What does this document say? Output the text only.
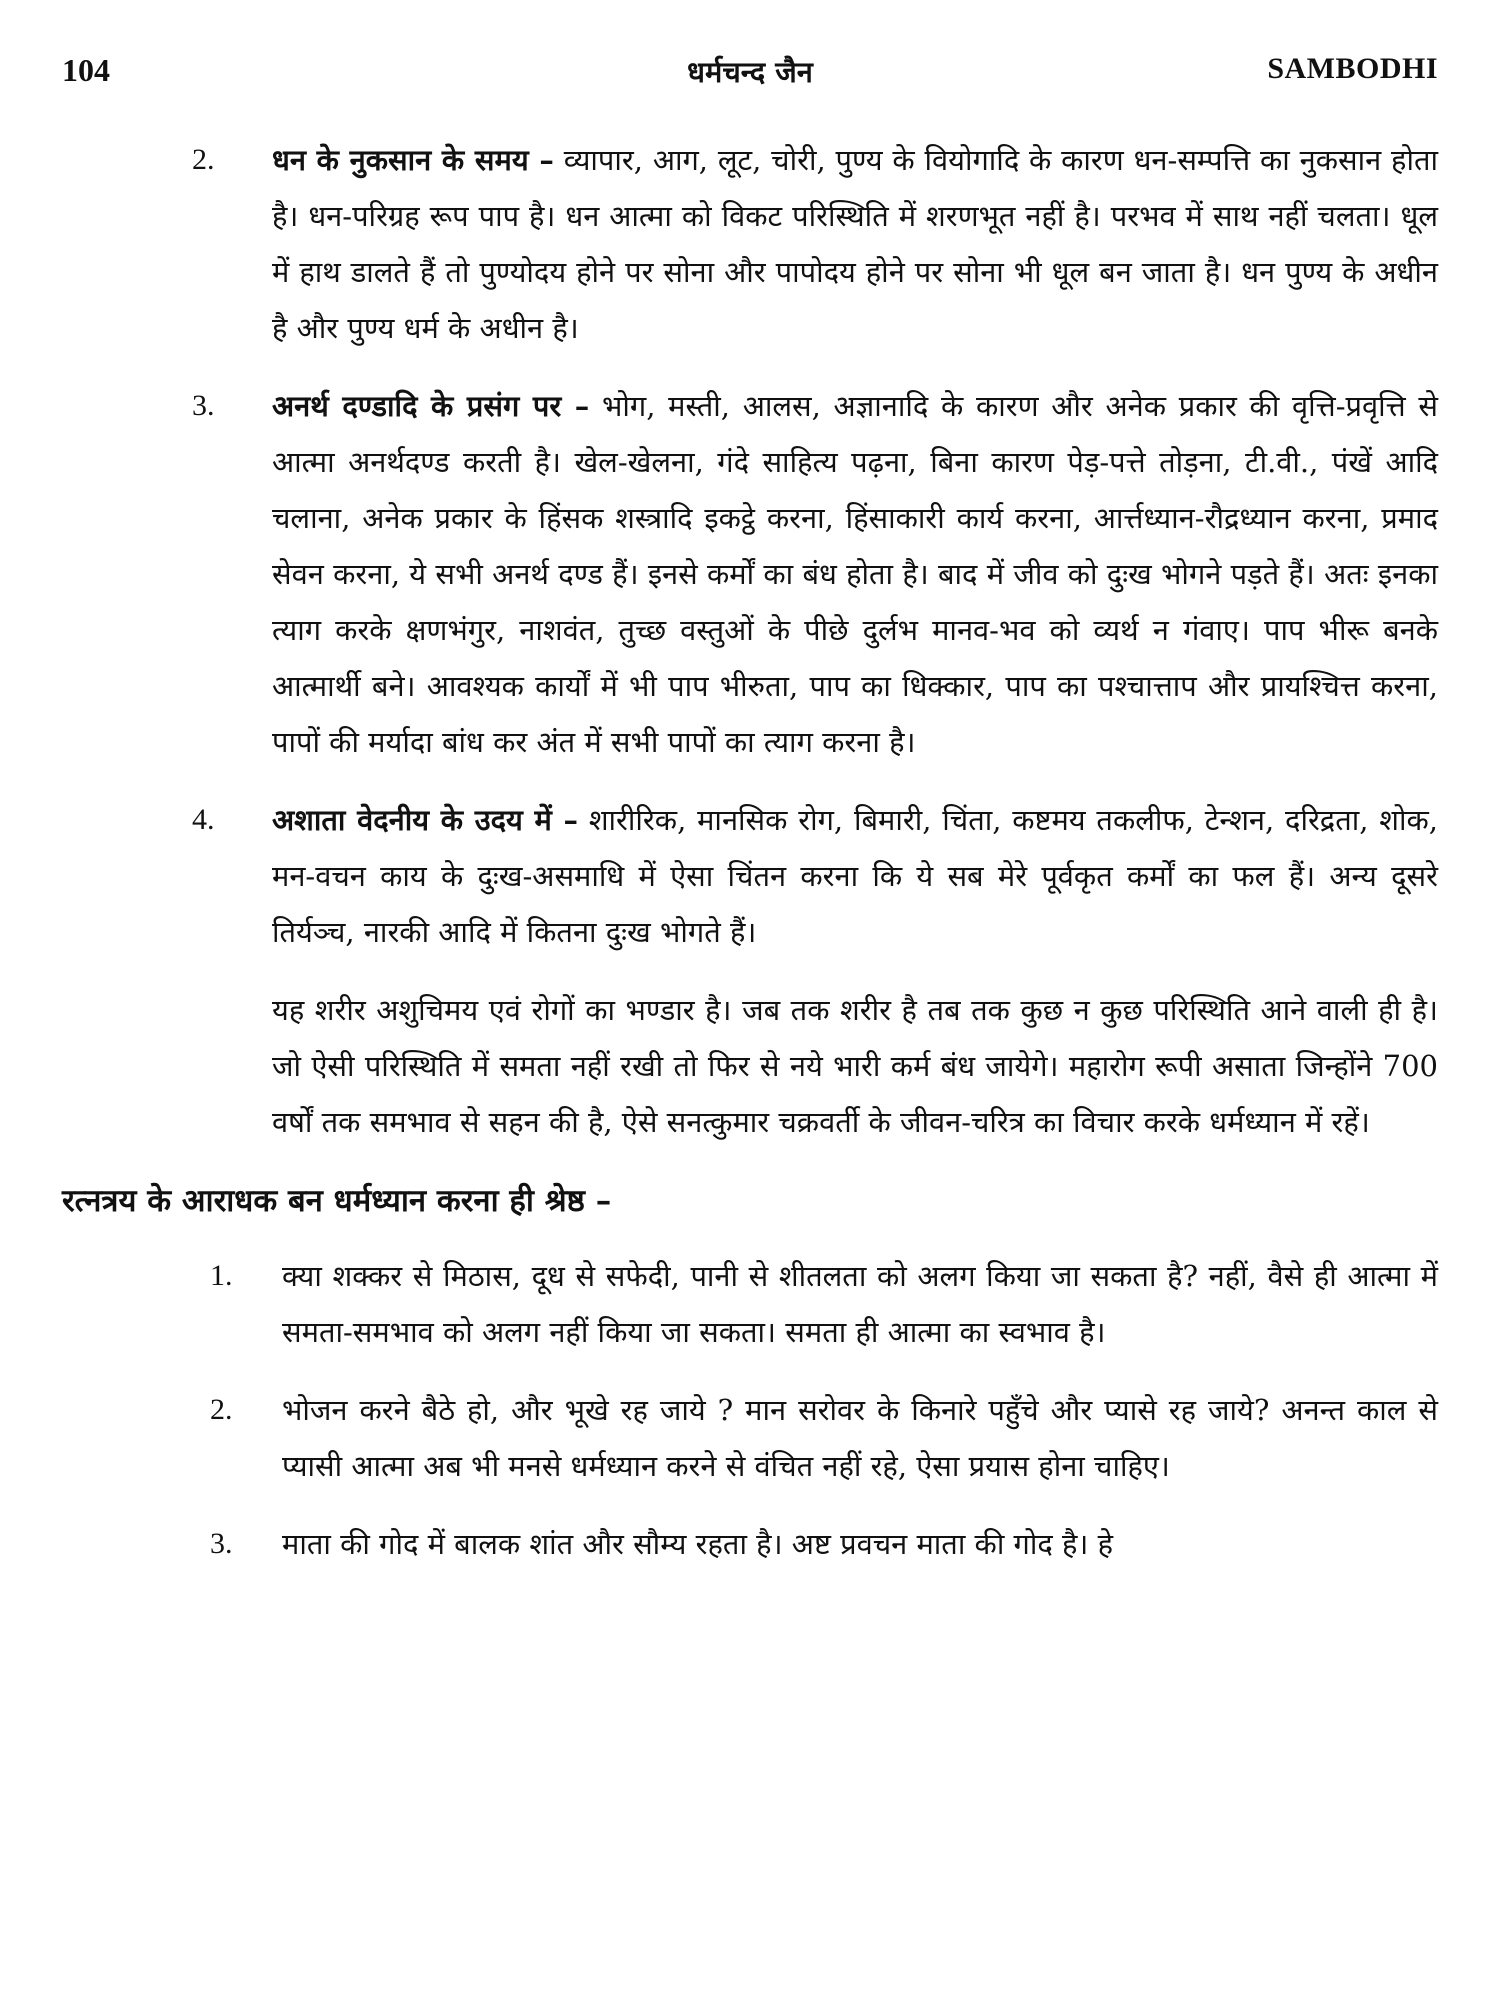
104	धर्मचन्द जैन	SAMBODHI
2. धन के नुकसान के समय – व्यापार, आग, लूट, चोरी, पुण्य के वियोगादि के कारण धन-सम्पत्ति का नुकसान होता है। धन-परिग्रह रूप पाप है। धन आत्मा को विकट परिस्थिति में शरणभूत नहीं है। परभव में साथ नहीं चलता। धूल में हाथ डालते हैं तो पुण्योदय होने पर सोना और पापोदय होने पर सोना भी धूल बन जाता है। धन पुण्य के अधीन है और पुण्य धर्म के अधीन है।

3. अनर्थ दण्डादि के प्रसंग पर – भोग, मस्ती, आलस, अज्ञानादि के कारण और अनेक प्रकार की वृत्ति-प्रवृत्ति से आत्मा अनर्थदण्ड करती है। खेल-खेलना, गंदे साहित्य पढ़ना, बिना कारण पेड़-पत्ते तोड़ना, टी.वी., पंखें आदि चलाना, अनेक प्रकार के हिंसक शस्त्रादि इकट्ठे करना, हिंसाकारी कार्य करना, आर्त्तध्यान-रौद्रध्यान करना, प्रमाद सेवन करना, ये सभी अनर्थ दण्ड हैं। इनसे कर्मों का बंध होता है। बाद में जीव को दुःख भोगने पड़ते हैं। अतः इनका त्याग करके क्षणभंगुर, नाशवंत, तुच्छ वस्तुओं के पीछे दुर्लभ मानव-भव को व्यर्थ न गंवाए। पाप भीरू बनके आत्मार्थी बने। आवश्यक कार्यों में भी पाप भीरुता, पाप का धिक्कार, पाप का पश्चात्ताप और प्रायश्चित्त करना, पापों की मर्यादा बांध कर अंत में सभी पापों का त्याग करना है।

4. अशाता वेदनीय के उदय में – शारीरिक, मानसिक रोग, बिमारी, चिंता, कष्टमय तकलीफ, टेन्शन, दरिद्रता, शोक, मन-वचन काय के दुःख-असमाधि में ऐसा चिंतन करना कि ये सब मेरे पूर्वकृत कर्मों का फल हैं। अन्य दूसरे तिर्यञ्च, नारकी आदि में कितना दुःख भोगते हैं।

यह शरीर अशुचिमय एवं रोगों का भण्डार है। जब तक शरीर है तब तक कुछ न कुछ परिस्थिति आने वाली ही है। जो ऐसी परिस्थिति में समता नहीं रखी तो फिर से नये भारी कर्म बंध जायेगे। महारोग रूपी असाता जिन्होंने 700 वर्षों तक समभाव से सहन की है, ऐसे सनत्कुमार चक्रवर्ती के जीवन-चरित्र का विचार करके धर्मध्यान में रहें।

रत्नत्रय के आराधक बन धर्मध्यान करना ही श्रेष्ठ –
1. क्या शक्कर से मिठास, दूध से सफेदी, पानी से शीतलता को अलग किया जा सकता है? नहीं, वैसे ही आत्मा में समता-समभाव को अलग नहीं किया जा सकता। समता ही आत्मा का स्वभाव है।

2. भोजन करने बैठे हो, और भूखे रह जाये ? मान सरोवर के किनारे पहुँचे और प्यासे रह जाये? अनन्त काल से प्यासी आत्मा अब भी मनसे धर्मध्यान करने से वंचित नहीं रहे, ऐसा प्रयास होना चाहिए।

3. माता की गोद में बालक शांत और सौम्य रहता है। अष्ट प्रवचन माता की गोद है। हे
